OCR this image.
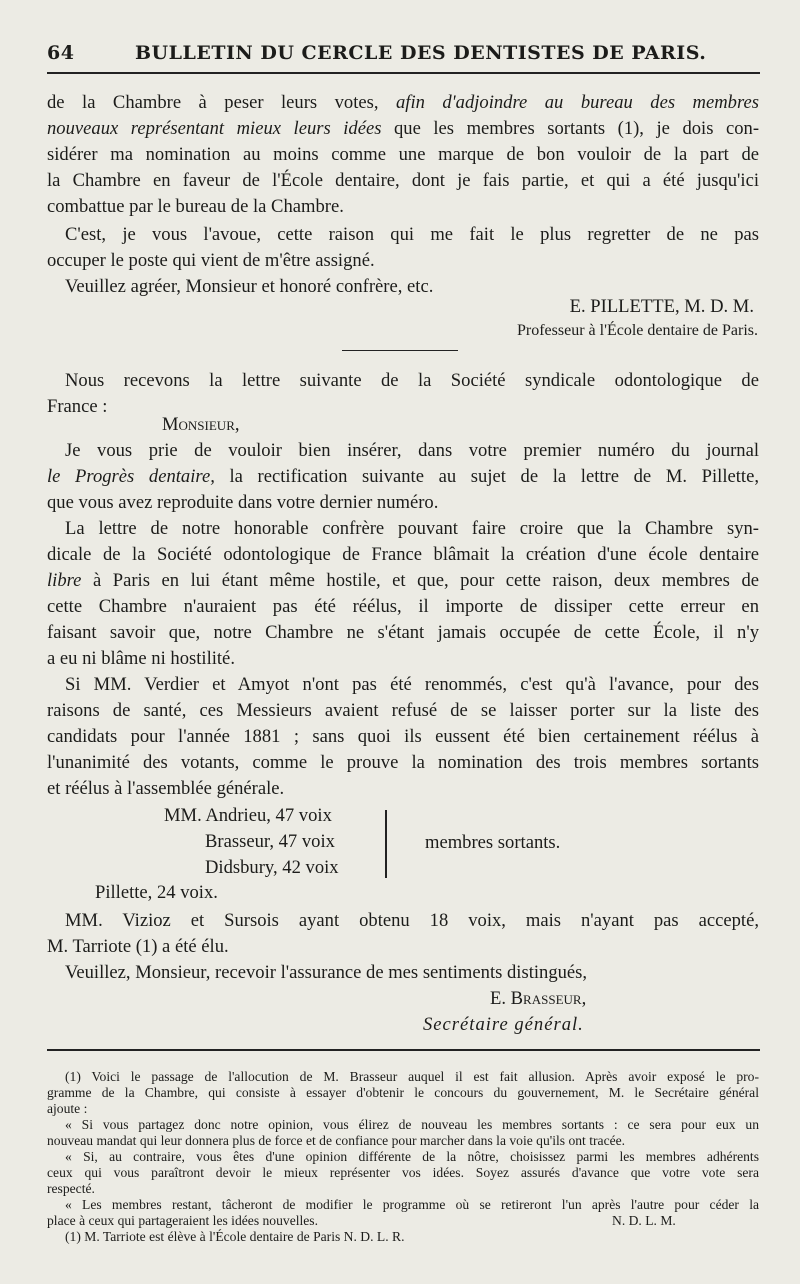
64	BULLETIN DU CERCLE DES DENTISTES DE PARIS.
de la Chambre à peser leurs votes, afin d'adjoindre au bureau des membres
nouveaux représentant mieux leurs idées que les membres sortants (1), je dois con-
sidérer ma nomination au moins comme une marque de bon vouloir de la part de
la Chambre en faveur de l'École dentaire, dont je fais partie, et qui a été jusqu'ici
combattue par le bureau de la Chambre.
C'est, je vous l'avoue, cette raison qui me fait le plus regretter de ne pas
occuper le poste qui vient de m'être assigné.
Veuillez agréer, Monsieur et honoré confrère, etc.
E. PILLETTE, M. D. M.
Professeur à l'École dentaire de Paris.
Nous recevons la lettre suivante de la Société syndicale odontologique de
France :
Monsieur,
Je vous prie de vouloir bien insérer, dans votre premier numéro du journal
le Progrès dentaire, la rectification suivante au sujet de la lettre de M. Pillette,
que vous avez reproduite dans votre dernier numéro.
La lettre de notre honorable confrère pouvant faire croire que la Chambre syn-
dicale de la Société odontologique de France blâmait la création d'une école dentaire
libre à Paris en lui étant même hostile, et que, pour cette raison, deux membres de
cette Chambre n'auraient pas été réélus, il importe de dissiper cette erreur en
faisant savoir que, notre Chambre ne s'étant jamais occupée de cette École, il n'y
a eu ni blâme ni hostilité.
Si MM. Verdier et Amyot n'ont pas été renommés, c'est qu'à l'avance, pour des
raisons de santé, ces Messieurs avaient refusé de se laisser porter sur la liste des
candidats pour l'année 1881 ; sans quoi ils eussent été bien certainement réélus à
l'unanimité des votants, comme le prouve la nomination des trois membres sortants
et réélus à l'assemblée générale.
MM. Andrieu, 47 voix
Brasseur, 47 voix
Didsbury, 42 voix
membres sortants.
Pillette, 24 voix.
MM. Vizioz et Sursois ayant obtenu 18 voix, mais n'ayant pas accepté,
M. Tarriote (1) a été élu.
Veuillez, Monsieur, recevoir l'assurance de mes sentiments distingués,
E. Brasseur,
Secrétaire général.
(1) Voici le passage de l'allocution de M. Brasseur auquel il est fait allusion. Après avoir exposé le pro-
gramme de la Chambre, qui consiste à essayer d'obtenir le concours du gouvernement, M. le Secrétaire général
ajoute :
« Si vous partagez donc notre opinion, vous élirez de nouveau les membres sortants : ce sera pour eux un
nouveau mandat qui leur donnera plus de force et de confiance pour marcher dans la voie qu'ils ont tracée.
« Si, au contraire, vous êtes d'une opinion différente de la nôtre, choisissez parmi les membres adhérents
ceux qui vous paraîtront devoir le mieux représenter vos idées. Soyez assurés d'avance que votre vote sera
respecté.
« Les membres restant, tâcheront de modifier le programme où se retireront l'un après l'autre pour céder la
place à ceux qui partageraient les idées nouvelles.	N. D. L. M.
(1) M. Tarriote est élève à l'École dentaire de Paris N. D. L. R.
